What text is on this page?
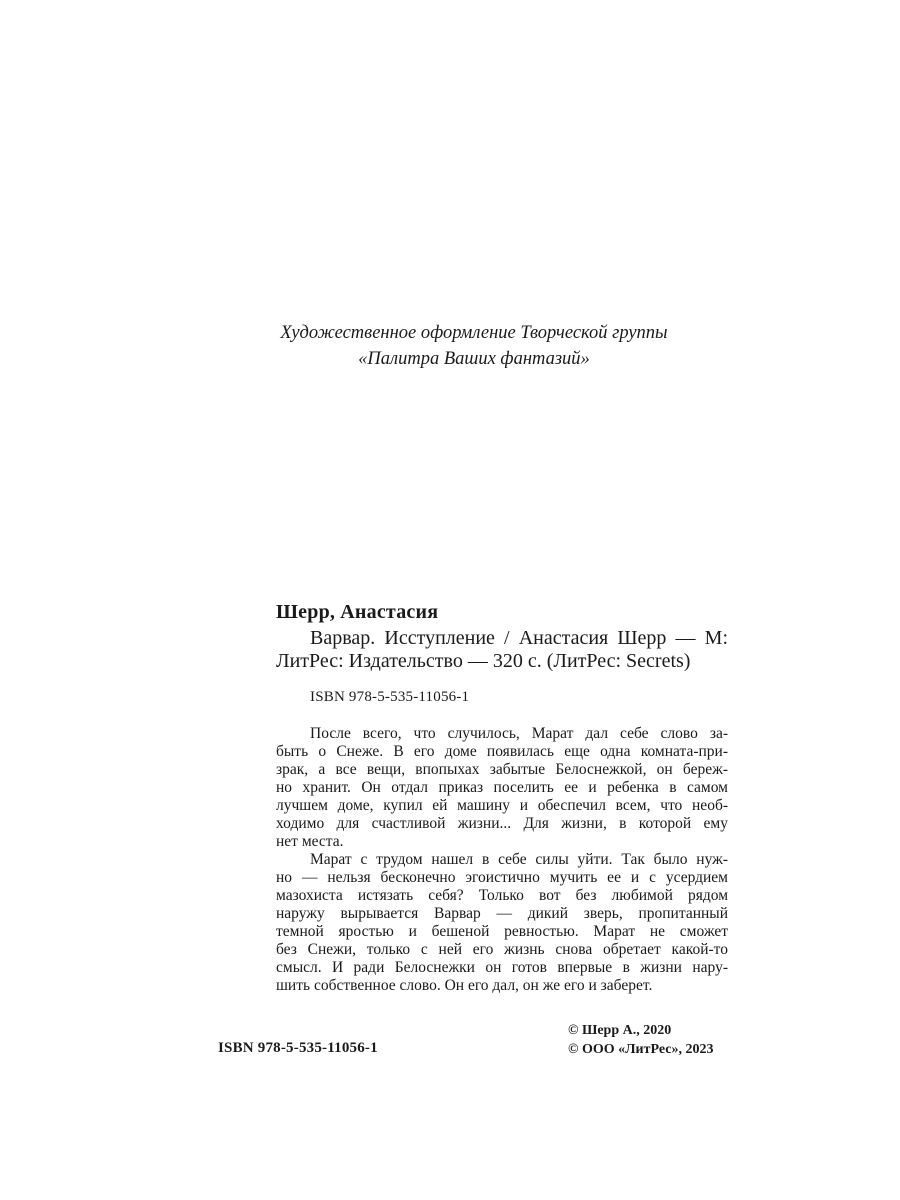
Художественное оформление Творческой группы
«Палитра Ваших фантазий»
Шерр, Анастасия
Варвар. Исступление / Анастасия Шерр — М:
ЛитРес: Издательство — 320 с. (ЛитРес: Secrets)
ISBN 978-5-535-11056-1

После всего, что случилось, Марат дал себе слово за-
быть о Снеже. В его доме появилась еще одна комната-при-
зрак, а все вещи, впопыхах забытые Белоснежкой, он береж-
но хранит. Он отдал приказ поселить ее и ребенка в самом
лучшем доме, купил ей машину и обеспечил всем, что необ-
ходимо для счастливой жизни... Для жизни, в которой ему
нет места.

Марат с трудом нашел в себе силы уйти. Так было нуж-
но — нельзя бесконечно эгоистично мучить ее и с усердием
мазохиста истязать себя? Только вот без любимой рядом
наружу вырывается Варвар — дикий зверь, пропитанный
темной яростью и бешеной ревностью. Марат не сможет
без Снежи, только с ней его жизнь снова обретает какой-то
смысл. И ради Белоснежки он готов впервые в жизни нару-
шить собственное слово. Он его дал, он же его и заберет.

ISBN 978-5-535-11056-1
© Шерр А., 2020
© ООО «ЛитРес», 2023
